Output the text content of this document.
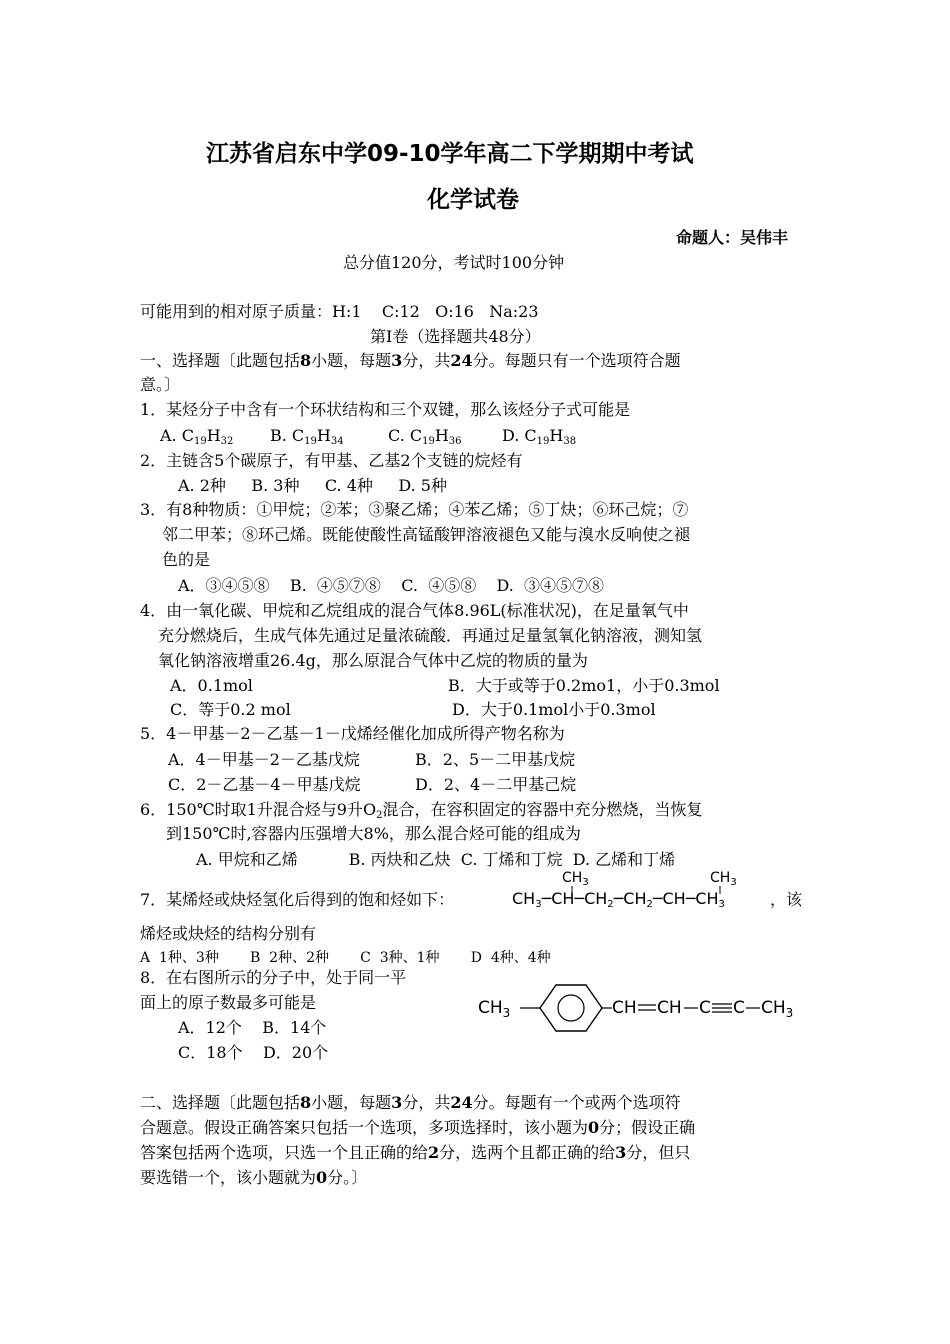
江苏省启东中学09-10学年高二下学期期中考试
化学试卷
命题人：吴伟丰
总分值120分，考试时100分钟
可能用到的相对原子质量：H:1    C:12   O:16   Na:23
第Ⅰ卷（选择题共48分）
一、选择题〔此题包括8小题，每题3分，共24分。每题只有一个选项符合题
意。〕
1．某烃分子中含有一个环状结构和三个双键，那么该烃分子式可能是
A. $C_{19}H_{32}$ B. $C_{19}H_{34}$	C. $C_{19}H_{36}$	D. $C_{19}H_{38}$
2．主链含5个碳原子，有甲基、乙基2个支链的烷烃有
A. 2种     B. 3种     C. 4种     D. 5种
3．有8种物质：①甲烷；②苯；③聚乙烯；④苯乙烯；⑤丁炔；⑥环己烷；⑦
邻二甲苯；⑧环己烯。既能使酸性高锰酸钾溶液褪色又能与溴水反响使之褪
色的是
A．③④⑤⑧    B.  ④⑤⑦⑧    C.  ④⑤⑧    D.  ③④⑤⑦⑧
4．由一氧化碳、甲烷和乙烷组成的混合气体8.96L(标准状况)，在足量氧气中
充分燃烧后，生成气体先通过足量浓硫酸．再通过足量氢氧化钠溶液，测知氢
氧化钠溶液增重26.4g，那么原混合气体中乙烷的物质的量为
A．0.1mol	B．大于或等于0.2mo1，小于0.3mol
C．等于0.2 mol	D．大于0.1mol小于0.3mol
5．4－甲基－2－乙基－1－戊烯经催化加成所得产物名称为
A．4－甲基－2－乙基戊烷	B．2、5－二甲基戊烷
C．2－乙基－4－甲基戊烷	D．2、4－二甲基己烷
6．150℃时取1升混合烃与9升$O_2$混合，在容积固定的容器中充分燃烧，当恢复
到150℃时,容器内压强增大8%，那么混合烃可能的组成为
A. 甲烷和乙烯          B. 丙炔和乙炔  C. 丁烯和丁烷  D. 乙烯和丁烯
7．某烯烃或炔烃氢化后得到的饱和烃如下：
$CH_3$	$CH_3$
CH3─CH─CH2─CH2─CH─CH3	，该
烯烃或炔烃的结构分别有
A  1种、3种       B  2种、2种       C  3种、1种       D  4种、4种
8．在右图所示的分子中，处于同一平
面上的原子数最多可能是
A．12个    B．14个
C．18个    D．20个
$CH_3$	CH CH C C $CH_3$
二、选择题〔此题包括8小题，每题3分，共24分。每题有一个或两个选项符
合题意。假设正确答案只包括一个选项，多项选择时，该小题为0分；假设正确
答案包括两个选项，只选一个且正确的给2分，选两个且都正确的给3分，但只
要选错一个，该小题就为0分。〕
